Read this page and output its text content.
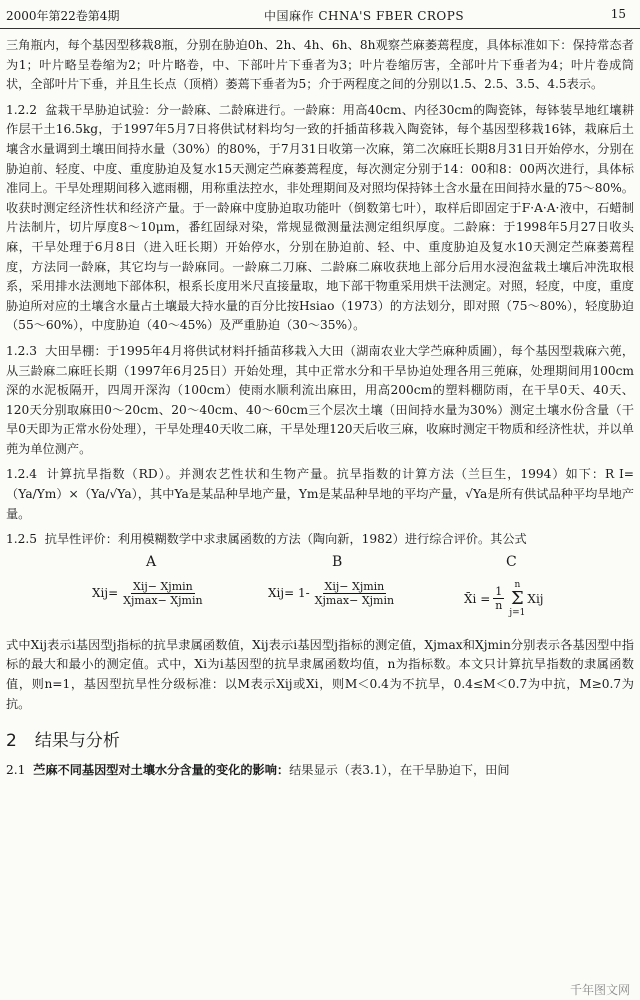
2000年第22卷第4期	中国麻作 CHNA'S FBER CROPS	15

三角瓶内，每个基因型移栽8瓶，分别在胁迫0h、2h、4h、6h、8h观察苎麻萎蔫程度，具体标准如下：保持常态者为1；叶片略呈卷缩为2；叶片略卷，中、下部叶片下垂者为3；叶片卷缩厉害，全部叶片下垂者为4；叶片卷成筒状，全部叶片下垂，并且生长点（顶梢）萎蔫下垂者为5；介于两程度之间的分别以1.5、2.5、3.5、4.5表示。

1.2.2 盆栽干旱胁迫试验：分一龄麻、二龄麻进行。一龄麻：用高40cm、内径30cm的陶瓷钵，每钵装旱地红壤耕作层干土16.5kg，于1997年5月7日将供试材料均匀一致的扦插苗移栽入陶瓷钵，每个基因型移栽16钵，栽麻后土壤含水量调到土壤田间持水量（30%）的80%，于7月31日收第一次麻，第二次麻旺长期8月31日开始停水，分别在胁迫前、轻度、中度、重度胁迫及复水15天测定苎麻萎蔫程度，每次测定分别于14：00和8：00两次进行，具体标准同上。干旱处理期间移入遮雨棚，用称重法控水，非处理期间及对照均保持钵土含水量在田间持水量的75～80%。收获时测定经济性状和经济产量。于一龄麻中度胁迫取功能叶（倒数第七叶），取样后即固定于F·A·A·液中，石蜡制片法制片，切片厚度8～10μm，番红固绿对染，常规显微测量法测定组织厚度。二龄麻：于1998年5月27日收头麻，干旱处理于6月8日（进入旺长期）开始停水，分别在胁迫前、轻、中、重度胁迫及复水10天测定苎麻萎蔫程度，方法同一龄麻，其它均与一龄麻同。一龄麻二刀麻、二龄麻二麻收获地上部分后用水浸泡盆栽土壤后冲洗取根系，采用排水法测地下部体积，根系长度用米尺直接量取，地下部干物重采用烘干法测定。对照，轻度，中度，重度胁迫所对应的土壤含水量占土壤最大持水量的百分比按Hsiao（1973）的方法划分，即对照（75～80%），轻度胁迫（55～60%），中度胁迫（40～45%）及严重胁迫（30～35%）。

1.2.3 大田旱棚：于1995年4月将供试材料扦插苗移栽入大田（湖南农业大学苎麻种质圃），每个基因型栽麻六蔸，从三龄麻二麻旺长期（1997年6月25日）开始处理，其中正常水分和干旱协迫处理各用三蔸麻，处理期间用100cm深的水泥板隔开，四周开深沟（100cm）使雨水顺利流出麻田，用高200cm的塑料棚防雨，在干旱0天、40天、120天分别取麻田0～20cm、20～40cm、40～60cm三个层次土壤（田间持水量为30%）测定土壤水份含量（干旱0天即为正常水份处理），干旱处理40天收二麻，干旱处理120天后收三麻，收麻时测定干物质和经济性状，并以单蔸为单位测产。

1.2.4 计算抗旱指数（RD）。并测农艺性状和生物产量。抗旱指数的计算方法（兰巨生，1994）如下：R I=（Ya/Ym）×（Ya/√Ya），其中Ya是某品种旱地产量，Ym是某品种旱地的平均产量，√Ya是所有供试品种平均旱地产量。

1.2.5 抗旱性评价：利用模糊数学中求隶属函数的方法（陶向新，1982）进行综合评价。其公式

A
$Xij= \frac{\text{Xij− Xjmin}}{Xjmax- Xjmin}$
B
$Xij= 1- \frac{\text{Xij− Xjmin}}{Xjmax- Xjmin}$
C
X̄i = $\frac{1}{n}$
n
Σ
j=1
Xij

式中Xij表示i基因型j指标的抗旱隶属函数值，Xij表示i基因型j指标的测定值，Xjmax和Xjmin分别表示各基因型中指标的最大和最小的测定值。式中，Xi为i基因型的抗旱隶属函数均值，n为指标数。本文只计算抗旱指数的隶属函数值，则n=1，基因型抗旱性分级标准：以M表示Xij或Xi，则M＜0.4为不抗旱，0.4≤M＜0.7为中抗，M≥0.7为抗。

2 结果与分析

2.1 苎麻不同基因型对土壤水分含量的变化的影响：结果显示（表3.1），在干旱胁迫下，田间

千年图文网
